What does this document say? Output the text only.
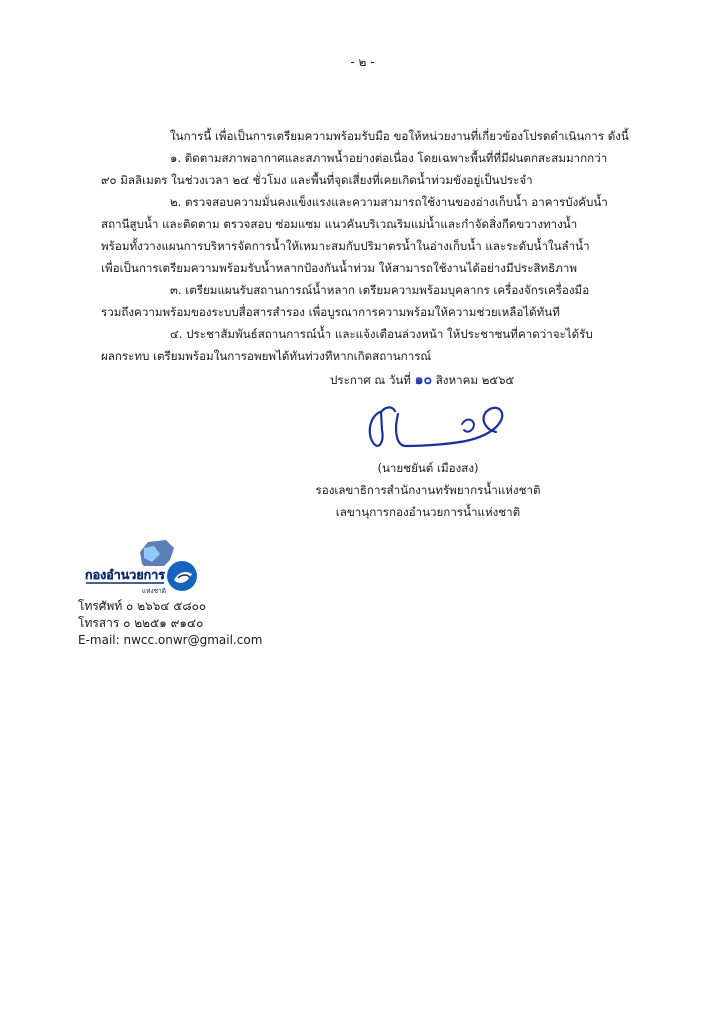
- ๒ -
ในการนี้ เพื่อเป็นการเตรียมความพร้อมรับมือ ขอให้หน่วยงานที่เกี่ยวข้องโปรดดำเนินการ ดังนี้
๑. ติดตามสภาพอากาศและสภาพน้ำอย่างต่อเนื่อง โดยเฉพาะพื้นที่ที่มีฝนตกสะสมมากกว่า
๙๐ มิลลิเมตร ในช่วงเวลา ๒๔ ชั่วโมง และพื้นที่จุดเสี่ยงที่เคยเกิดน้ำท่วมขังอยู่เป็นประจำ
๒. ตรวจสอบความมั่นคงแข็งแรงและความสามารถใช้งานของอ่างเก็บน้ำ อาคารบังคับน้ำ
สถานีสูบน้ำ และติดตาม ตรวจสอบ ซ่อมแซม แนวคันบริเวณริมแม่น้ำและกำจัดสิ่งกีดขวางทางน้ำ
พร้อมทั้งวางแผนการบริหารจัดการน้ำให้เหมาะสมกับปริมาตรน้ำในอ่างเก็บน้ำ และระดับน้ำในลำน้ำ
เพื่อเป็นการเตรียมความพร้อมรับน้ำหลากป้องกันน้ำท่วม ให้สามารถใช้งานได้อย่างมีประสิทธิภาพ
๓. เตรียมแผนรับสถานการณ์น้ำหลาก เตรียมความพร้อมบุคลากร เครื่องจักรเครื่องมือ
รวมถึงความพร้อมของระบบสื่อสารสำรอง เพื่อบูรณาการความพร้อมให้ความช่วยเหลือได้ทันที
๔. ประชาสัมพันธ์สถานการณ์น้ำ และแจ้งเตือนล่วงหน้า ให้ประชาชนที่คาดว่าจะได้รับ
ผลกระทบ เตรียมพร้อมในการอพยพได้ทันท่วงทีหากเกิดสถานการณ์
ประกาศ ณ วันที่ ๑๐ สิงหาคม ๒๕๖๕
(นายชยันต์ เมืองสง)
รองเลขาธิการสำนักงานทรัพยากรน้ำแห่งชาติ
เลขานุการกองอำนวยการน้ำแห่งชาติ
กองอำนวยการ
แห่งชาติ
โทรศัพท์ ๐ ๒๖๖๔ ๕๘๐๐
โทรสาร ๐ ๒๒๕๑ ๙๑๔๐
E-mail: nwcc.onwr@gmail.com
